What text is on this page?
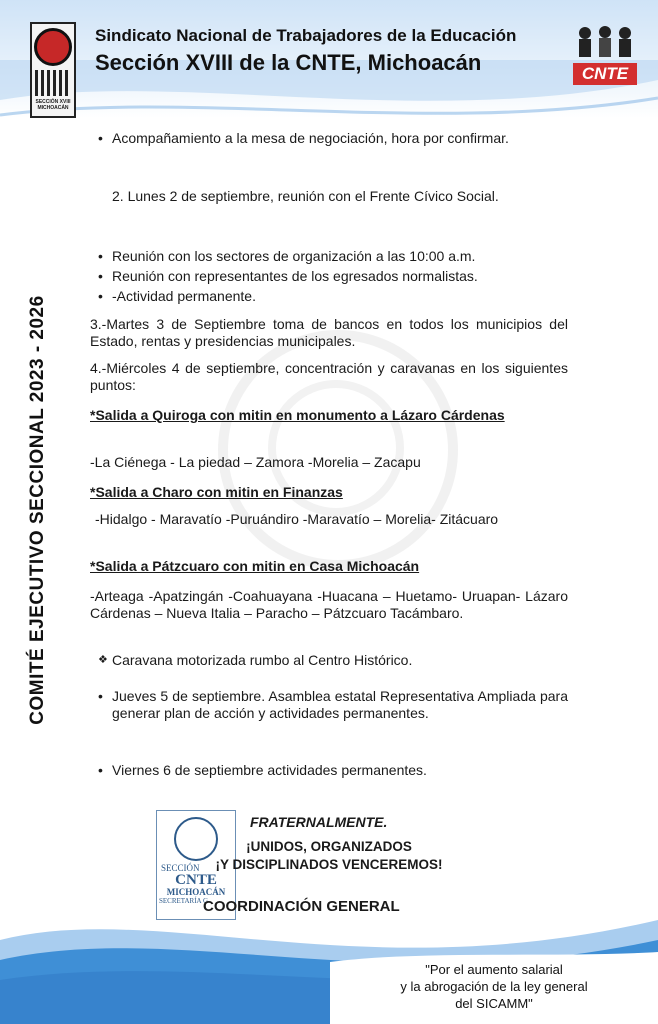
SECCIÓN XVIII MICHOACÁN
Sindicato Nacional de Trabajadores de la Educación
Sección XVIII de la CNTE, Michoacán	CNTE
COMITÉ EJECUTIVO SECCIONAL 2023 - 2026
• Acompañamiento a la mesa de negociación, hora por confirmar.
2. Lunes 2 de septiembre, reunión con el Frente Cívico Social.
• Reunión con los sectores de organización a las 10:00 a.m.
• Reunión con representantes de los egresados normalistas.
• -Actividad permanente.
3.-Martes 3 de Septiembre toma de bancos en todos los municipios del Estado, rentas y presidencias municipales.
4.-Miércoles 4 de septiembre, concentración y caravanas en los siguientes puntos:
*Salida a Quiroga con mitin en monumento a Lázaro Cárdenas
-La Ciénega - La piedad – Zamora -Morelia – Zacapu
*Salida a Charo con mitin en Finanzas
-Hidalgo - Maravatío -Puruándiro -Maravatío – Morelia- Zitácuaro
*Salida a Pátzcuaro con mitin en Casa Michoacán
-Arteaga -Apatzingán -Coahuayana -Huacana – Huetamo- Uruapan- Lázaro Cárdenas – Nueva Italia – Paracho – Pátzcuaro Tacámbaro.
❖ Caravana motorizada rumbo al Centro Histórico.
• Jueves 5 de septiembre. Asamblea estatal Representativa Ampliada para generar plan de acción y actividades permanentes.
• Viernes 6 de septiembre actividades permanentes.
SECCIÓN
CNTE
MICHOACÁN
SECRETARÍA G
FRATERNALMENTE.
¡UNIDOS, ORGANIZADOS
¡Y DISCIPLINADOS VENCEREMOS!
COORDINACIÓN GENERAL
"Por el aumento salarial
y la abrogación de la ley general
del SICAMM"
